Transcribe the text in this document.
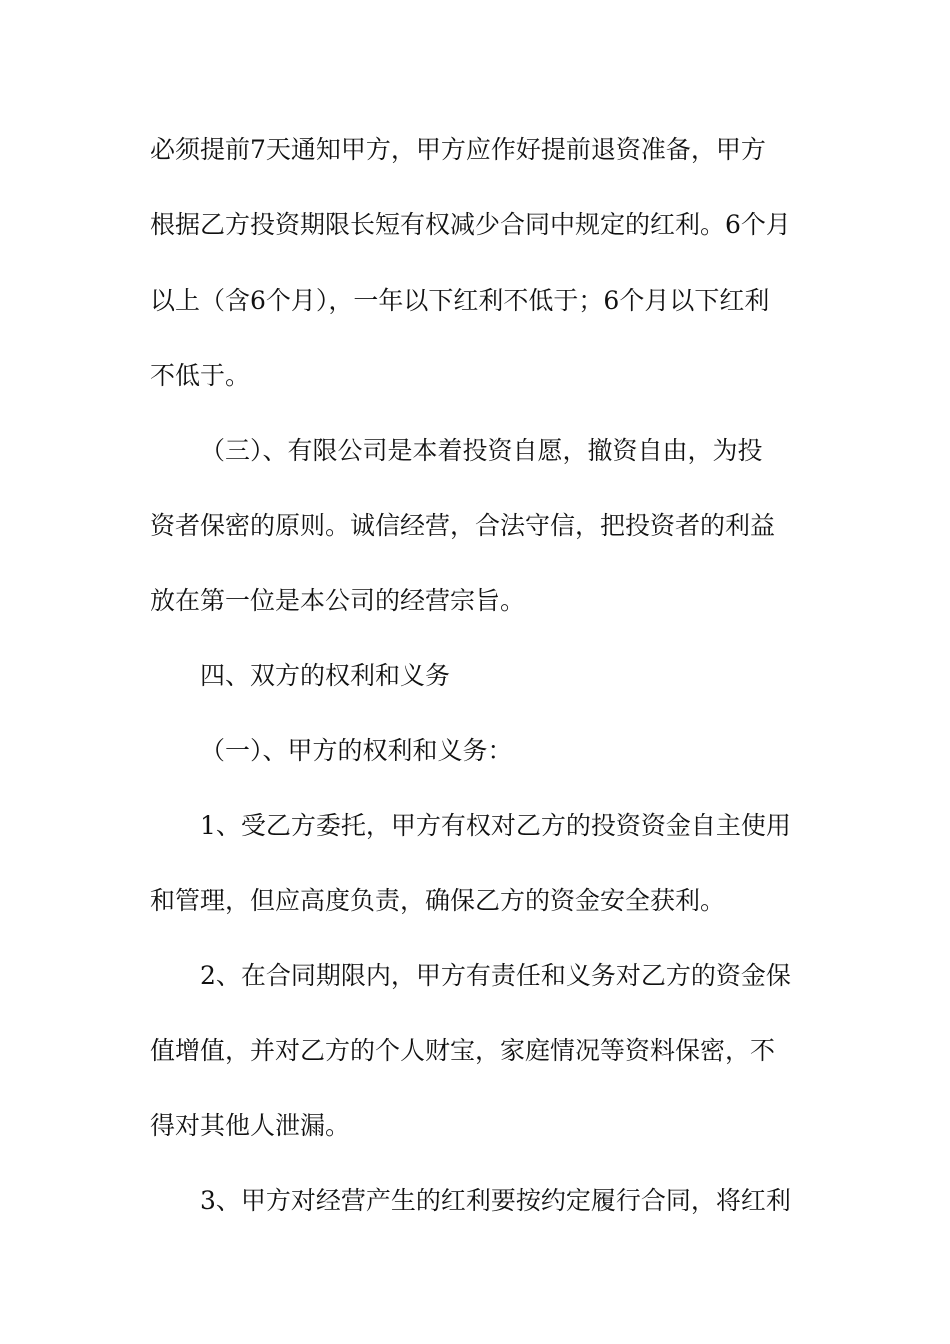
必须提前7天通知甲方，甲方应作好提前退资准备，甲方
根据乙方投资期限长短有权减少合同中规定的红利。6个月
以上（含6个月），一年以下红利不低于；6个月以下红利
不低于。
（三）、有限公司是本着投资自愿，撤资自由，为投
资者保密的原则。诚信经营，合法守信，把投资者的利益
放在第一位是本公司的经营宗旨。
四、双方的权利和义务
（一）、甲方的权利和义务：
1、受乙方委托，甲方有权对乙方的投资资金自主使用
和管理，但应高度负责，确保乙方的资金安全获利。
2、在合同期限内，甲方有责任和义务对乙方的资金保
值增值，并对乙方的个人财宝，家庭情况等资料保密，不
得对其他人泄漏。
3、甲方对经营产生的红利要按约定履行合同，将红利
